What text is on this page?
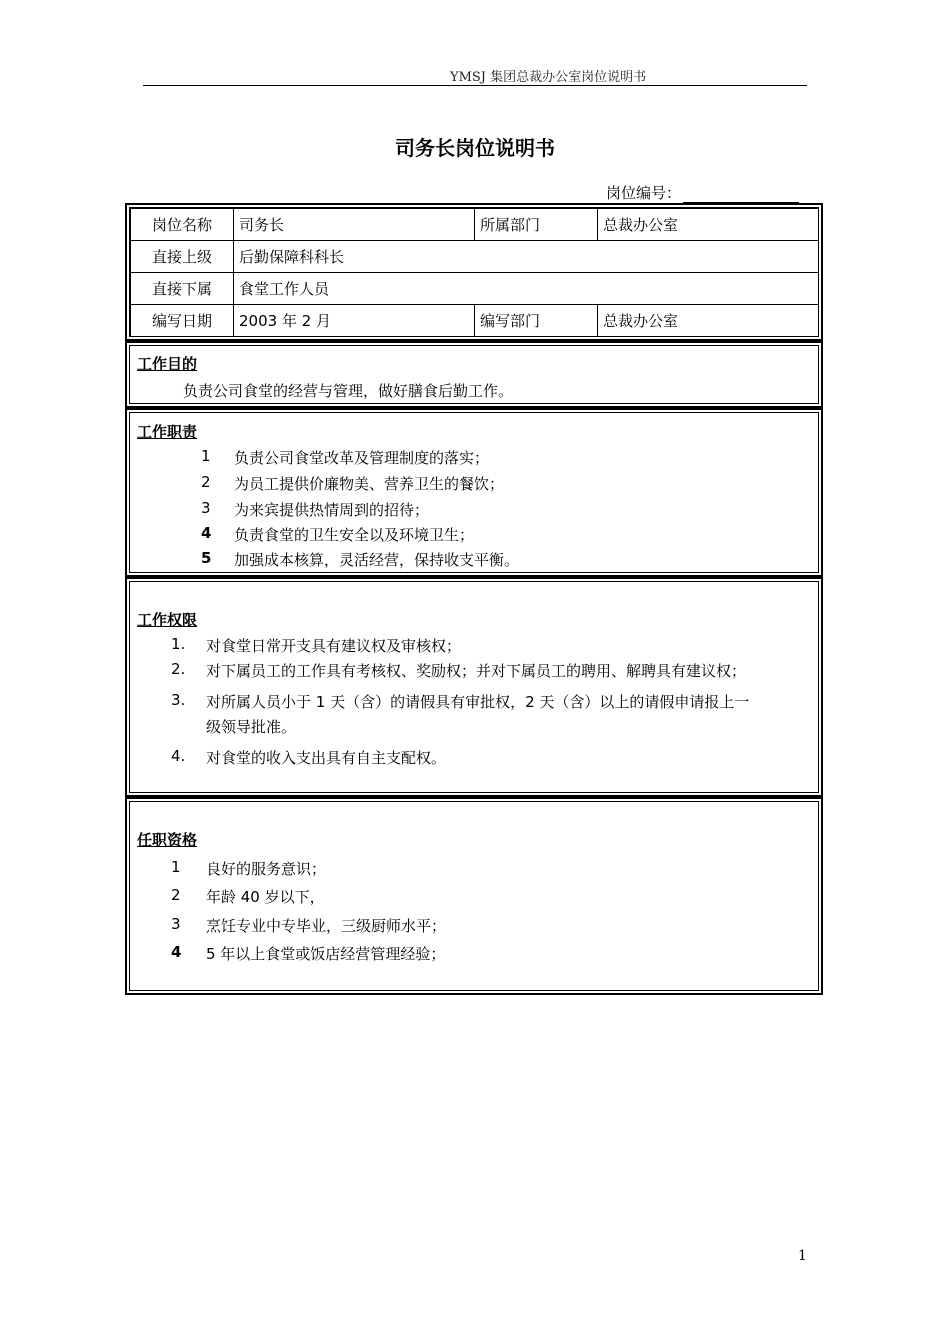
YMSJ 集团总裁办公室岗位说明书
司务长岗位说明书
岗位编号：
岗位名称	司务长	所属部门	总裁办公室
直接上级	后勤保障科科长		
直接下属	食堂工作人员		
编写日期	2003 年 2 月	编写部门	总裁办公室
工作目的
负责公司食堂的经营与管理，做好膳食后勤工作。
工作职责
1	负责公司食堂改革及管理制度的落实；
2	为员工提供价廉物美、营养卫生的餐饮；
3	为来宾提供热情周到的招待；
4	负责食堂的卫生安全以及环境卫生；
5	加强成本核算，灵活经营，保持收支平衡。
工作权限
1.	对食堂日常开支具有建议权及审核权；
2.	对下属员工的工作具有考核权、奖励权；并对下属员工的聘用、解聘具有建议权；
3.	对所属人员小于 1 天（含）的请假具有审批权，2 天（含）以上的请假申请报上一
级领导批准。
4.	对食堂的收入支出具有自主支配权。
任职资格
1	良好的服务意识；
2	年龄 40 岁以下，
3	烹饪专业中专毕业，三级厨师水平；
4	5 年以上食堂或饭店经营管理经验；
1
